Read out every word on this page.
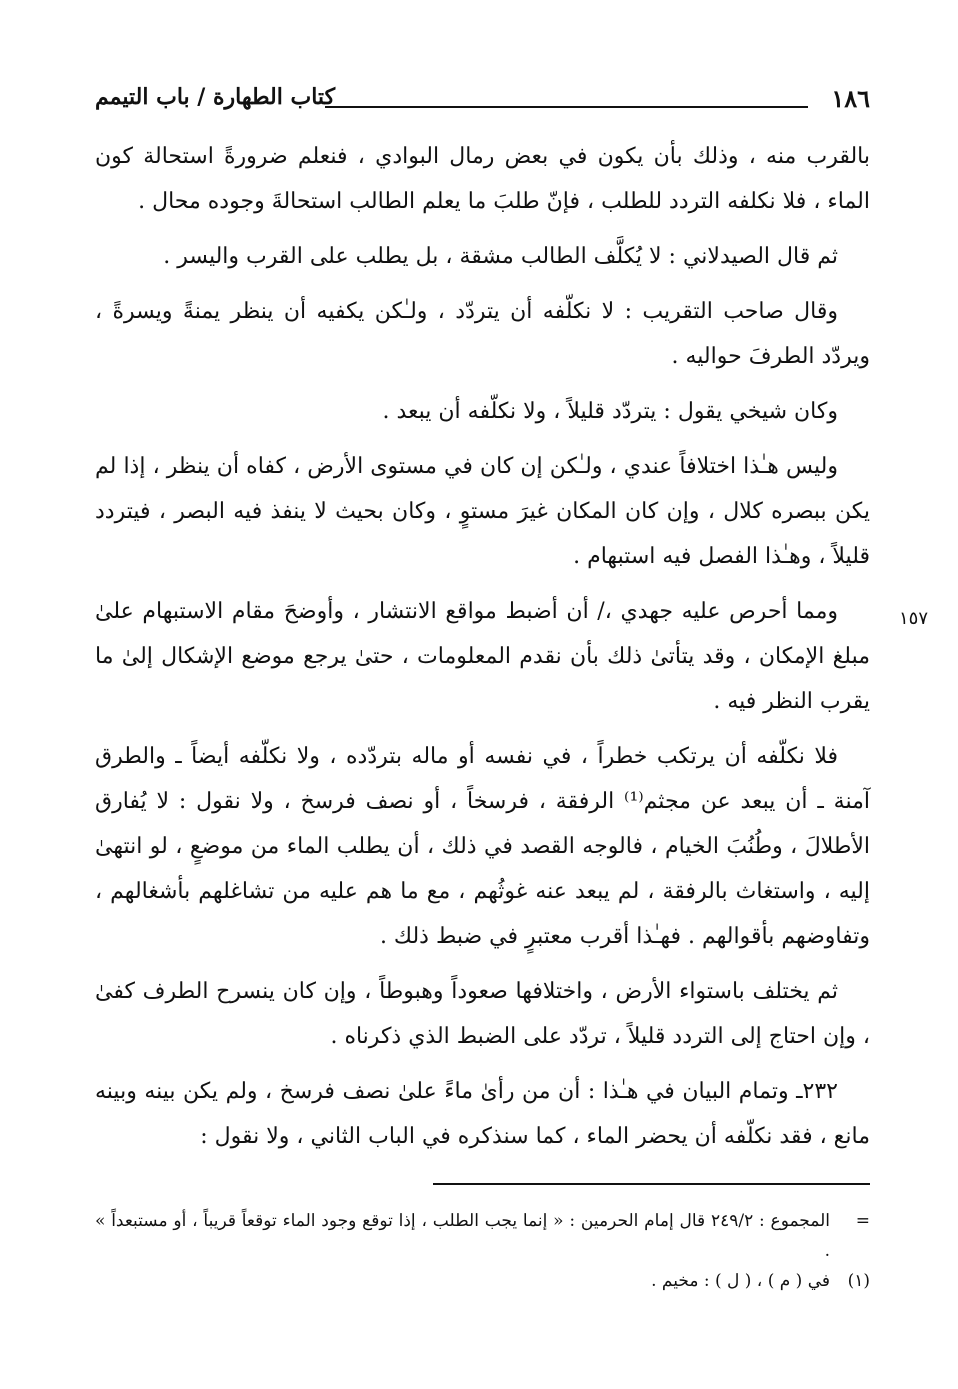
١٨٦
كتاب الطهارة / باب التيمم
١٥٧

بالقرب منه ، وذلك بأن يكون في بعض رمال البوادي ، فنعلم ضرورةً استحالة كون الماء ، فلا نكلفه التردد للطلب ، فإنّ طلبَ ما يعلم الطالب استحالةَ وجوده محال .

ثم قال الصيدلاني : لا يُكلَّف الطالب مشقة ، بل يطلب على القرب واليسر .

وقال صاحب التقريب : لا نكلّفه أن يتردّد ، ولـٰكن يكفيه أن ينظر يمنةً ويسرةً ، ويردّد الطرفَ حواليه .

وكان شيخي يقول : يتردّد قليلاً ، ولا نكلّفه أن يبعد .

وليس هـٰذا اختلافاً عندي ، ولـٰكن إن كان في مستوى الأرض ، كفاه أن ينظر ، إذا لم يكن ببصره كلال ، وإن كان المكان غيرَ مستوٍ ، وكان بحيث لا ينفذ فيه البصر ، فيتردد قليلاً ، وهـٰذا الفصل فيه استبهام .

ومما أحرص عليه جهدي ،/ أن أضبط مواقع الانتشار ، وأوضحَ مقام الاستبهام علىٰ مبلغ الإمكان ، وقد يتأتىٰ ذلك بأن نقدم المعلومات ، حتىٰ يرجع موضع الإشكال إلىٰ ما يقرب النظر فيه .

فلا نكلّفه أن يرتكب خطراً ، في نفسه أو ماله بتردّده ، ولا نكلّفه أيضاً ـ والطرق آمنة ـ أن يبعد عن مجثم⁽¹⁾ الرفقة ، فرسخاً ، أو نصف فرسخ ، ولا نقول : لا يُفارق الأطلالَ ، وطُنُبَ الخيام ، فالوجه القصد في ذلك ، أن يطلب الماء من موضعٍ ، لو انتهىٰ إليه ، واستغاث بالرفقة ، لم يبعد عنه غوثُهم ، مع ما هم عليه من تشاغلهم بأشغالهم ، وتفاوضهم بأقوالهم . فهـٰذا أقرب معتبرٍ في ضبط ذلك .

ثم يختلف باستواء الأرض ، واختلافها صعوداً وهبوطاً ، وإن كان ينسرح الطرف كفىٰ ، وإن احتاج إلى التردد قليلاً ، تردّد على الضبط الذي ذكرناه .

٢٣٢ـ وتمام البيان في هـٰذا : أن من رأىٰ ماءً علىٰ نصف فرسخ ، ولم يكن بينه وبينه مانع ، فقد نكلّفه أن يحضر الماء ، كما سنذكره في الباب الثاني ، ولا نقول :

=

المجموع : ٢٤٩/٢ قال إمام الحرمين : « إنما يجب الطلب ، إذا توقع وجود الماء توقعاً قريباً ، أو مستبعداً » .

(١)

في ( م ) ، ( ل ) : مخيم .
